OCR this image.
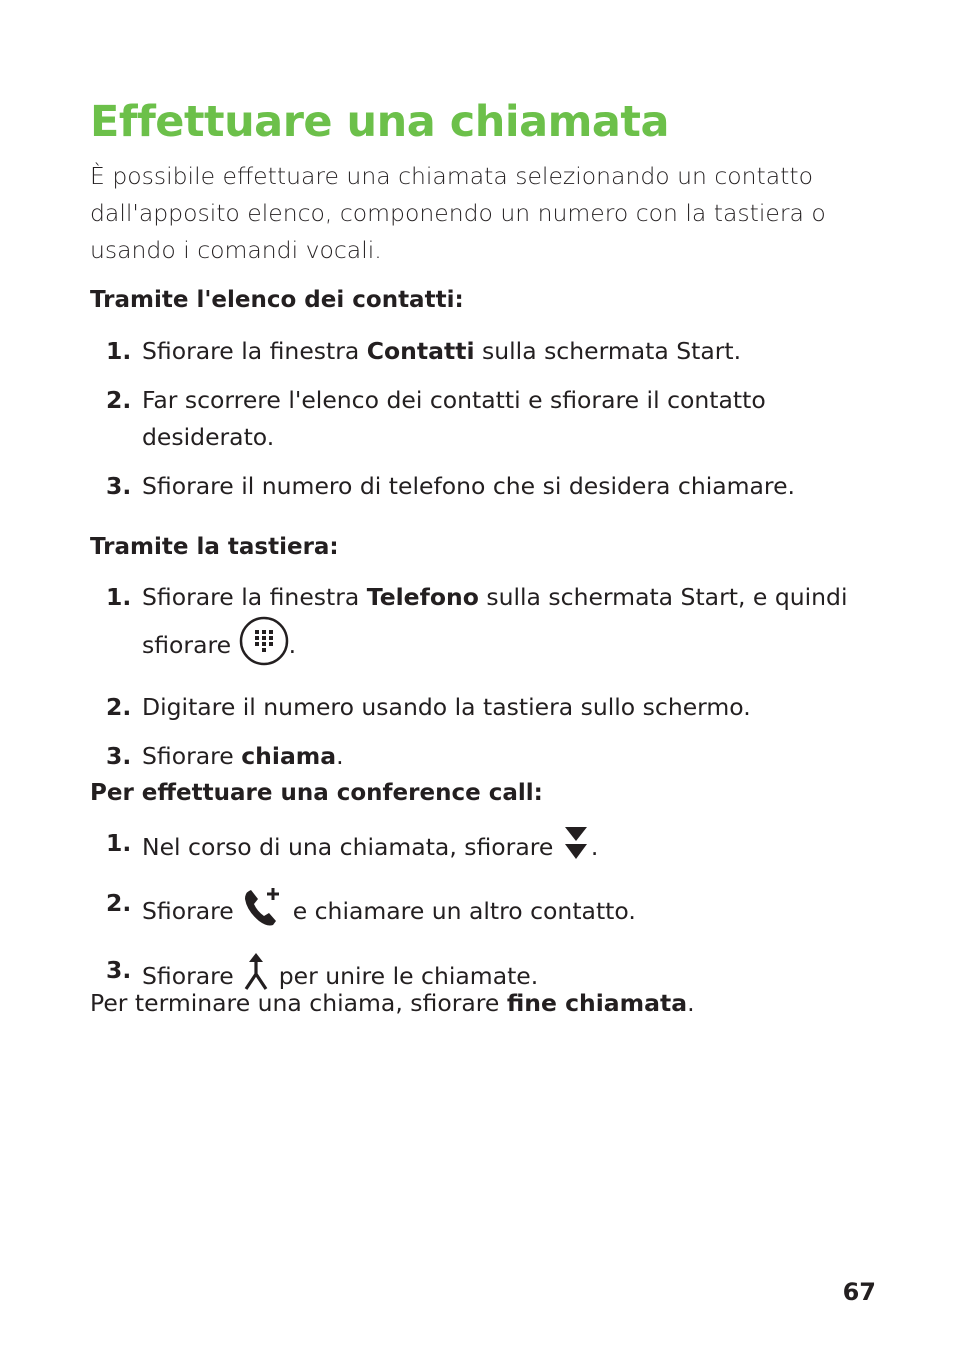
Effettuare una chiamata

È possibile effettuare una chiamata selezionando un contatto dall'apposito elenco, componendo un numero con la tastiera o usando i comandi vocali.

Tramite l'elenco dei contatti:
1. Sfiorare la finestra Contatti sulla schermata Start.
2. Far scorrere l'elenco dei contatti e sfiorare il contatto desiderato.
3. Sfiorare il numero di telefono che si desidera chiamare.
Tramite la tastiera:
1. Sfiorare la finestra Telefono sulla schermata Start, e quindi sfiorare .
2. Digitare il numero usando la tastiera sullo schermo.
3. Sfiorare chiama.
Per effettuare una conference call:
1. Nel corso di una chiamata, sfiorare .
2. Sfiorare  e chiamare un altro contatto.
3. Sfiorare  per unire le chiamate.

Per terminare una chiama, sfiorare fine chiamata.

67
